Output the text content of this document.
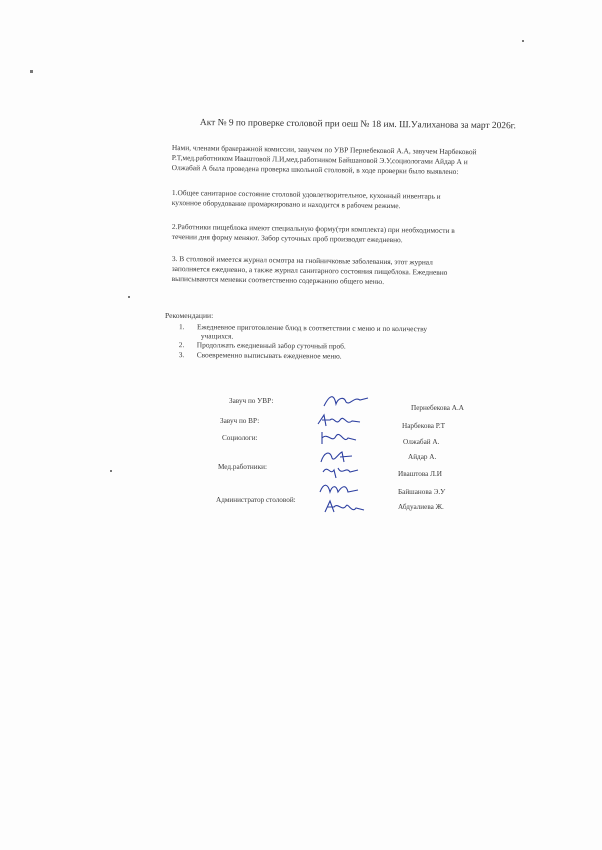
Акт № 9 по проверке столовой при оеш № 18 им. Ш.Уалиханова за март 2026г.
Нами, членами бракеражной комиссии, завучем по УВР Пернебековой А.А, завучем Нарбековой
Р.Т,мед.работником Иваштовой Л.И,мед.работником Байшановой Э.У,социологами Айдар А и
Олжабай А была проведена проверка школьной столовой, в ходе проверки было выявлено:
1.Общее санитарное состояние столовой удовлетворительное, кухонный инвентарь и
кухонное оборудование промаркировано и находится в рабочем режиме.
2.Работники пищеблока имеют специальную форму(три комплекта) при необходимости в
течении дня форму меняют. Забор суточных проб производят ежедневно.
3. В столовой имеется журнал осмотра на гнойничковые заболевания, этот журнал
заполняется ежедневно, а также журнал санитарного состояния пищеблока. Ежедневно
выписываются меневки соответственно содержанию общего меню.
Рекомендации:
1. Ежедневное приготовление блюд в соответствии с меню и по количеству
учащихся.
2. Продолжать ежедневный забор суточный проб.
3. Своевременно выписывать ежедневное меню.
Завуч по УВР:
Завуч по ВР:
Социологи:
Мед.работники:
Администратор столовой:
Пернебекова А.А
Нарбекова Р.Т
Олжабай А.
Айдар А.
Иваштова Л.И
Байшанова Э.У
Абдуалиева Ж.
